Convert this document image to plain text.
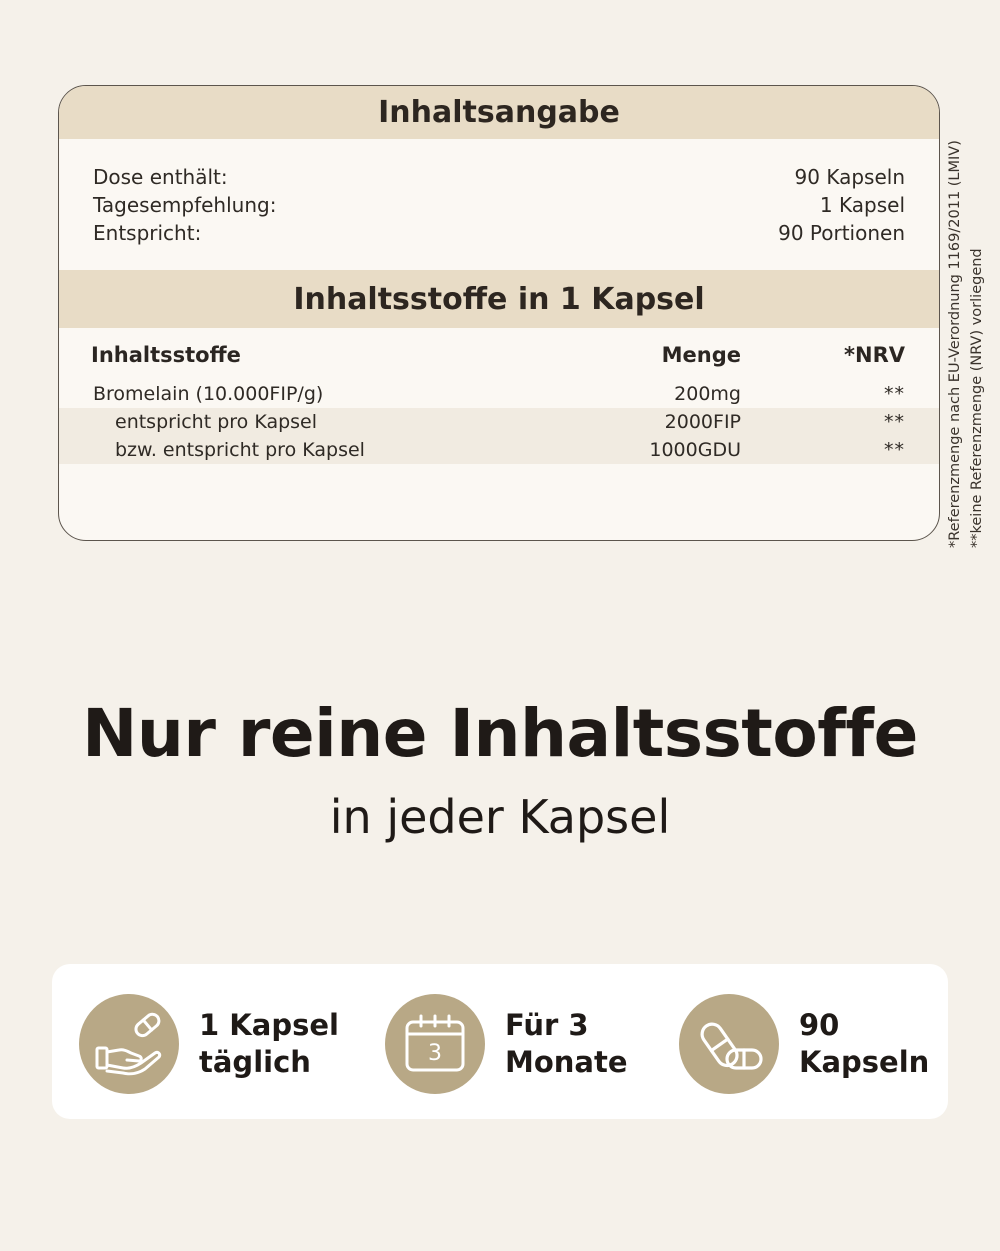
Inhaltsangabe
Dose enthält:	90 Kapseln
Tagesempfehlung:	1 Kapsel
Entspricht:	90 Portionen
Inhaltsstoffe in 1 Kapsel
Inhaltsstoffe	Menge	*NRV
Bromelain (10.000FIP/g)	200mg	**
entspricht pro Kapsel	2000FIP	**
bzw. entspricht pro Kapsel	1000GDU	**	*Referenzmenge nach EU-Verordnung 1169/2011 (LMIV) **keine Referenzmenge (NRV) vorliegend
Nur reine Inhaltsstoffe
in jeder Kapsel
1 Kapsel
täglich	3
Für 3
Monate
90
Kapseln
